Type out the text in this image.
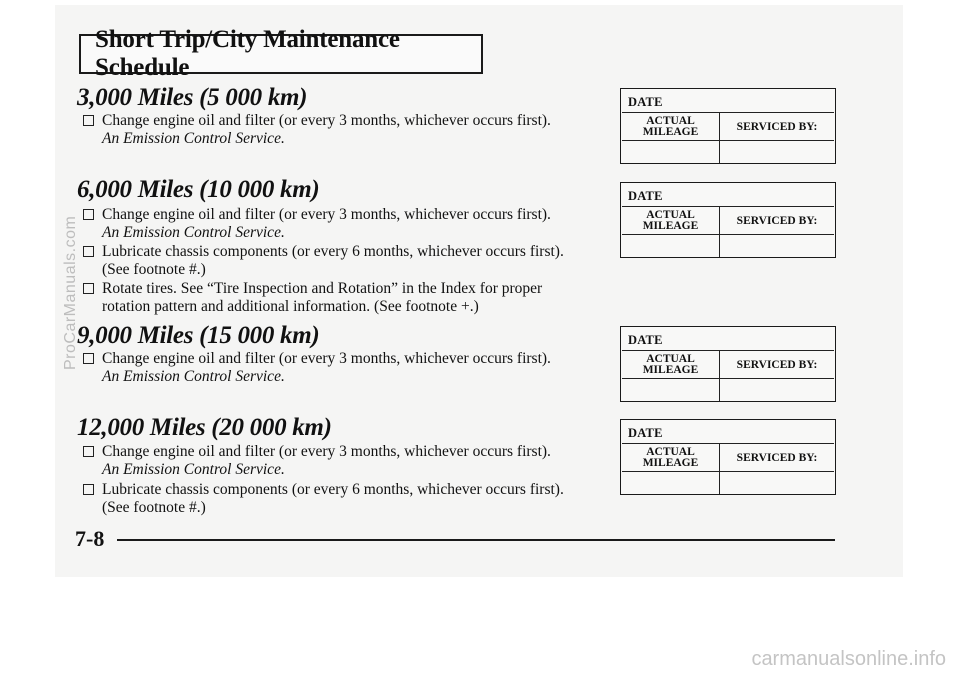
Short Trip/City Maintenance Schedule
3,000 Miles (5 000 km)
Change engine oil and filter (or every 3 months, whichever occurs first).
An Emission Control Service.
6,000 Miles (10 000 km)
Change engine oil and filter (or every 3 months, whichever occurs first).
An Emission Control Service.
Lubricate chassis components (or every 6 months, whichever occurs first).
(See footnote #.)
Rotate tires. See “Tire Inspection and Rotation” in the Index for proper
rotation pattern and additional information. (See footnote +.)
9,000 Miles (15 000 km)
Change engine oil and filter (or every 3 months, whichever occurs first).
An Emission Control Service.
12,000 Miles (20 000 km)
Change engine oil and filter (or every 3 months, whichever occurs first).
An Emission Control Service.
Lubricate chassis components (or every 6 months, whichever occurs first).
(See footnote #.)
DATE
ACTUAL
MILEAGE	SERVICED BY:
DATE
ACTUAL
MILEAGE	SERVICED BY:
DATE
ACTUAL
MILEAGE	SERVICED BY:
DATE
ACTUAL
MILEAGE	SERVICED BY:
7-8
ProCarManuals.com
carmanualsonline.info
